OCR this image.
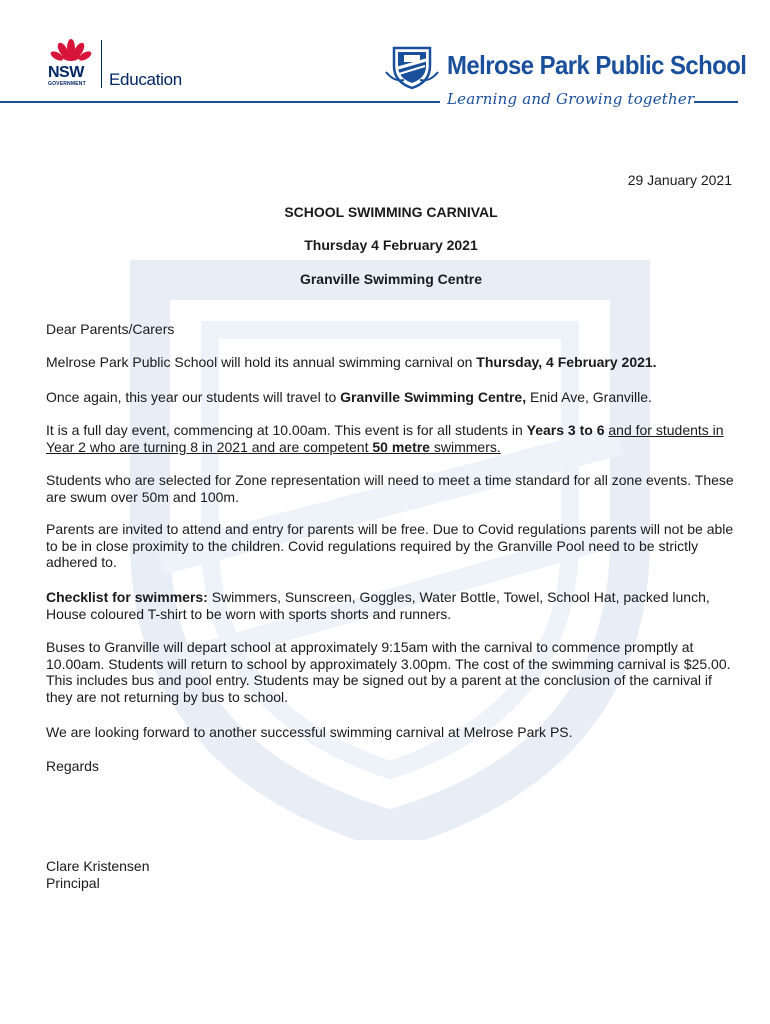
NSW
GOVERNMENT Education	Melrose Park Public School
Learning and Growing together
29 January 2021
SCHOOL SWIMMING CARNIVAL
Thursday 4 February 2021
Granville Swimming Centre

Dear Parents/Carers

Melrose Park Public School will hold its annual swimming carnival on Thursday, 4 February 2021.

Once again, this year our students will travel to Granville Swimming Centre, Enid Ave, Granville.

It is a full day event, commencing at 10.00am. This event is for all students in Years 3 to 6 and for students in Year 2 who are turning 8 in 2021 and are competent 50 metre swimmers.

Students who are selected for Zone representation will need to meet a time standard for all zone events. These are swum over 50m and 100m.

Parents are invited to attend and entry for parents will be free. Due to Covid regulations parents will not be able to be in close proximity to the children. Covid regulations required by the Granville Pool need to be strictly adhered to.

Checklist for swimmers: Swimmers, Sunscreen, Goggles, Water Bottle, Towel, School Hat, packed lunch, House coloured T-shirt to be worn with sports shorts and runners.

Buses to Granville will depart school at approximately 9:15am with the carnival to commence promptly at 10.00am. Students will return to school by approximately 3.00pm. The cost of the swimming carnival is $25.00. This includes bus and pool entry. Students may be signed out by a parent at the conclusion of the carnival if they are not returning by bus to school.

We are looking forward to another successful swimming carnival at Melrose Park PS.

Regards

Clare Kristensen

Principal
